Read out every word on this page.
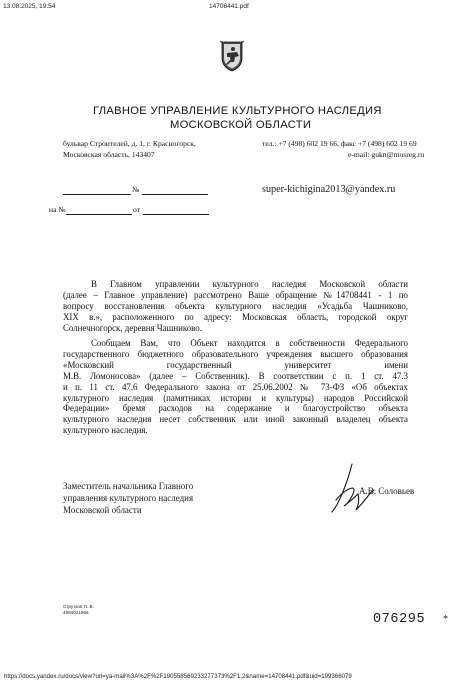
13.08.2025, 19:54	14708441.pdf
https://docs.yandex.ru/docs/view?url=ya-mail%3A%2F%2F190558569233277373%2F1.2&name=14708441.pdf&uid=199366079
ГЛАВНОЕ УПРАВЛЕНИЕ КУЛЬТУРНОГО НАСЛЕДИЯ
МОСКОВСКОЙ ОБЛАСТИ
бульвар Строителей, д. 1, г. Красногорск,
Московская область, 143407
тел.: +7 (498) 602 19 66, факс +7 (498) 602 19 69
e-mail: gukn@mosreg.ru
№
на №	от
super-kichigina2013@yandex.ru
В Главном управлении культурного наследия Московской области
(далее – Главное управление) рассмотрено Ваше обращение №14708441 - 1 по
вопросу восстановления объекта культурного наследия «Усадьба Чашниково,
XIX в.», расположенного по адресу: Московская область, городской округ
Солнечногорск, деревня Чашниково.
Сообщаем Вам, что Объект находится в собственности Федерального
государственного бюджетного образовательного учреждения высшего образования
«Московский государственный университет имени
М.В. Ломоносова» (далее – Собственник). В соответствии с п. 1 ст. 47.3
и п. 11 ст. 47.6 Федерального закона от 25.06.2002 № 73-ФЗ «Об объектах
культурного наследия (памятниках истории и культуры) народов Российской
Федерации» бремя расходов на содержание и благоустройство объекта
культурного наследия несет собственник или иной законный владелец объекта
культурного наследия.
Заместитель начальника Главного
управления культурного наследия
Московской области
А.В. Соловьев
Струтков П. В.
4984021966	076295 *
